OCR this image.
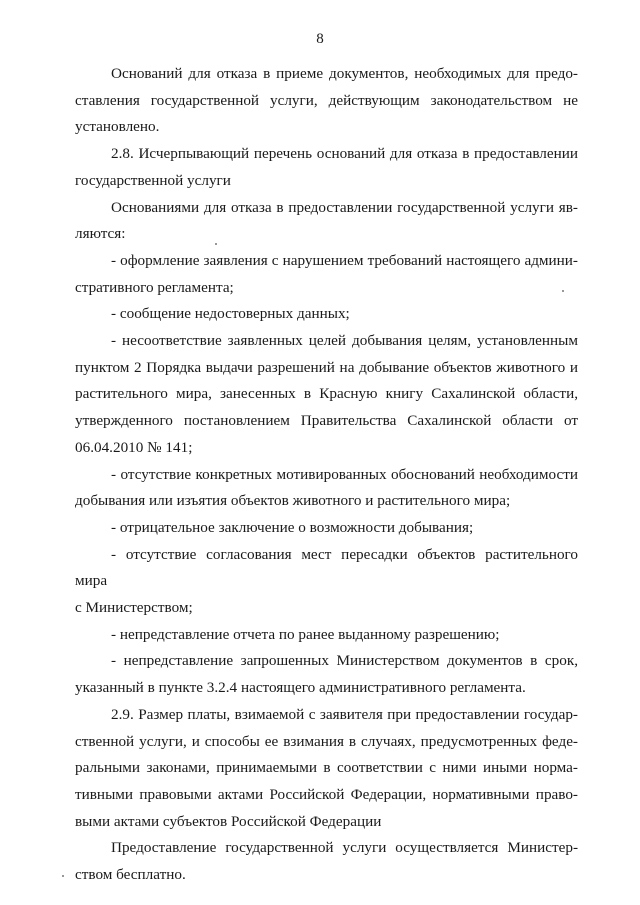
8
Оснований для отказа в приеме документов, необходимых для предо-
ставления государственной услуги, действующим законодательством не
установлено.
2.8. Исчерпывающий перечень оснований для отказа в предоставлении
государственной услуги
Основаниями для отказа в предоставлении государственной услуги яв-
ляются:
- оформление заявления с нарушением требований настоящего админи-
стративного регламента;
- сообщение недостоверных данных;
- несоответствие заявленных целей добывания целям, установленным
пунктом 2 Порядка выдачи разрешений на добывание объектов животного и
растительного мира, занесенных в Красную книгу Сахалинской области,
утвержденного постановлением Правительства Сахалинской области от
06.04.2010 № 141;
- отсутствие конкретных мотивированных обоснований необходимости
добывания или изъятия объектов животного и растительного мира;
- отрицательное заключение о возможности добывания;
- отсутствие согласования мест пересадки объектов растительного мира
с Министерством;
- непредставление отчета по ранее выданному разрешению;
- непредставление запрошенных Министерством документов в срок,
указанный в пункте 3.2.4 настоящего административного регламента.
2.9. Размер платы, взимаемой с заявителя при предоставлении государ-
ственной услуги, и способы ее взимания в случаях, предусмотренных феде-
ральными законами, принимаемыми в соответствии с ними иными норма-
тивными правовыми актами Российской Федерации, нормативными право-
выми актами субъектов Российской Федерации
Предоставление государственной услуги осуществляется Министер-
ством бесплатно.
